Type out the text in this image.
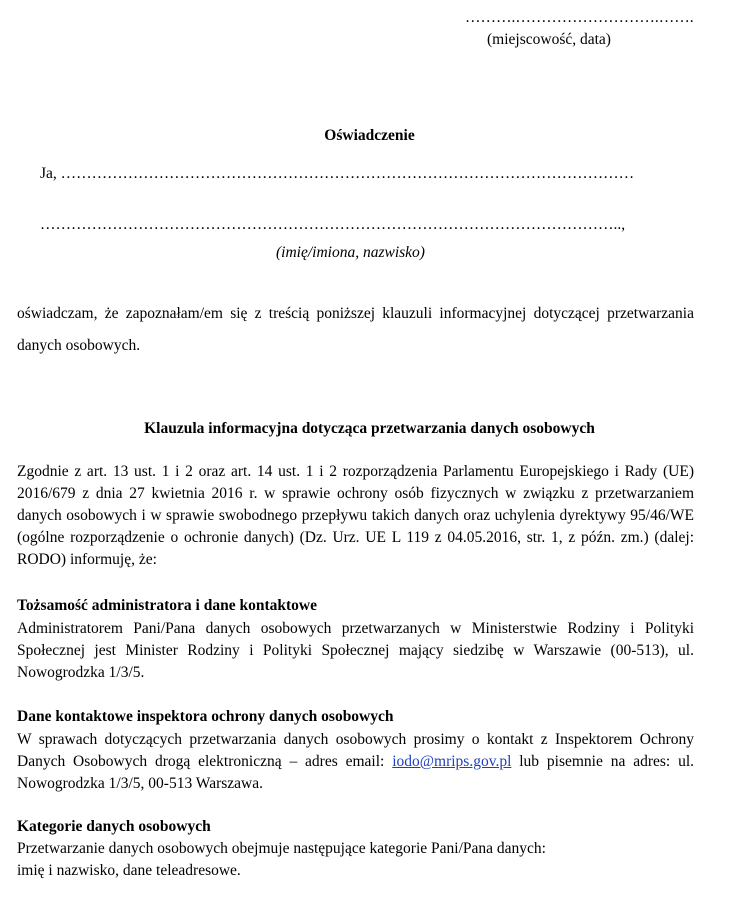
……….……………………….…….
(miejscowość, data)
Oświadczenie
Ja, …………………………………………………………………………………………………
…………………………………………………………………………………………………..,
(imię/imiona, nazwisko)
oświadczam, że zapoznałam/em się z treścią poniższej klauzuli informacyjnej dotyczącej przetwarzania danych osobowych.
Klauzula informacyjna dotycząca przetwarzania danych osobowych
Zgodnie z art. 13 ust. 1 i 2 oraz art. 14 ust. 1 i 2 rozporządzenia Parlamentu Europejskiego i Rady (UE) 2016/679 z dnia 27 kwietnia 2016 r. w sprawie ochrony osób fizycznych w związku z przetwarzaniem danych osobowych i w sprawie swobodnego przepływu takich danych oraz uchylenia dyrektywy 95/46/WE (ogólne rozporządzenie o ochronie danych) (Dz. Urz. UE L 119 z 04.05.2016, str. 1, z późn. zm.) (dalej: RODO) informuję, że:
Tożsamość administratora i dane kontaktowe
Administratorem Pani/Pana danych osobowych przetwarzanych w Ministerstwie Rodziny i Polityki Społecznej jest Minister Rodziny i Polityki Społecznej mający siedzibę w Warszawie (00-513), ul. Nowogrodzka 1/3/5.
Dane kontaktowe inspektora ochrony danych osobowych
W sprawach dotyczących przetwarzania danych osobowych prosimy o kontakt z Inspektorem Ochrony Danych Osobowych drogą elektroniczną – adres email: iodo@mrips.gov.pl lub pisemnie na adres: ul. Nowogrodzka 1/3/5, 00-513 Warszawa.
Kategorie danych osobowych
Przetwarzanie danych osobowych obejmuje następujące kategorie Pani/Pana danych:
imię i nazwisko, dane teleadresowe.
